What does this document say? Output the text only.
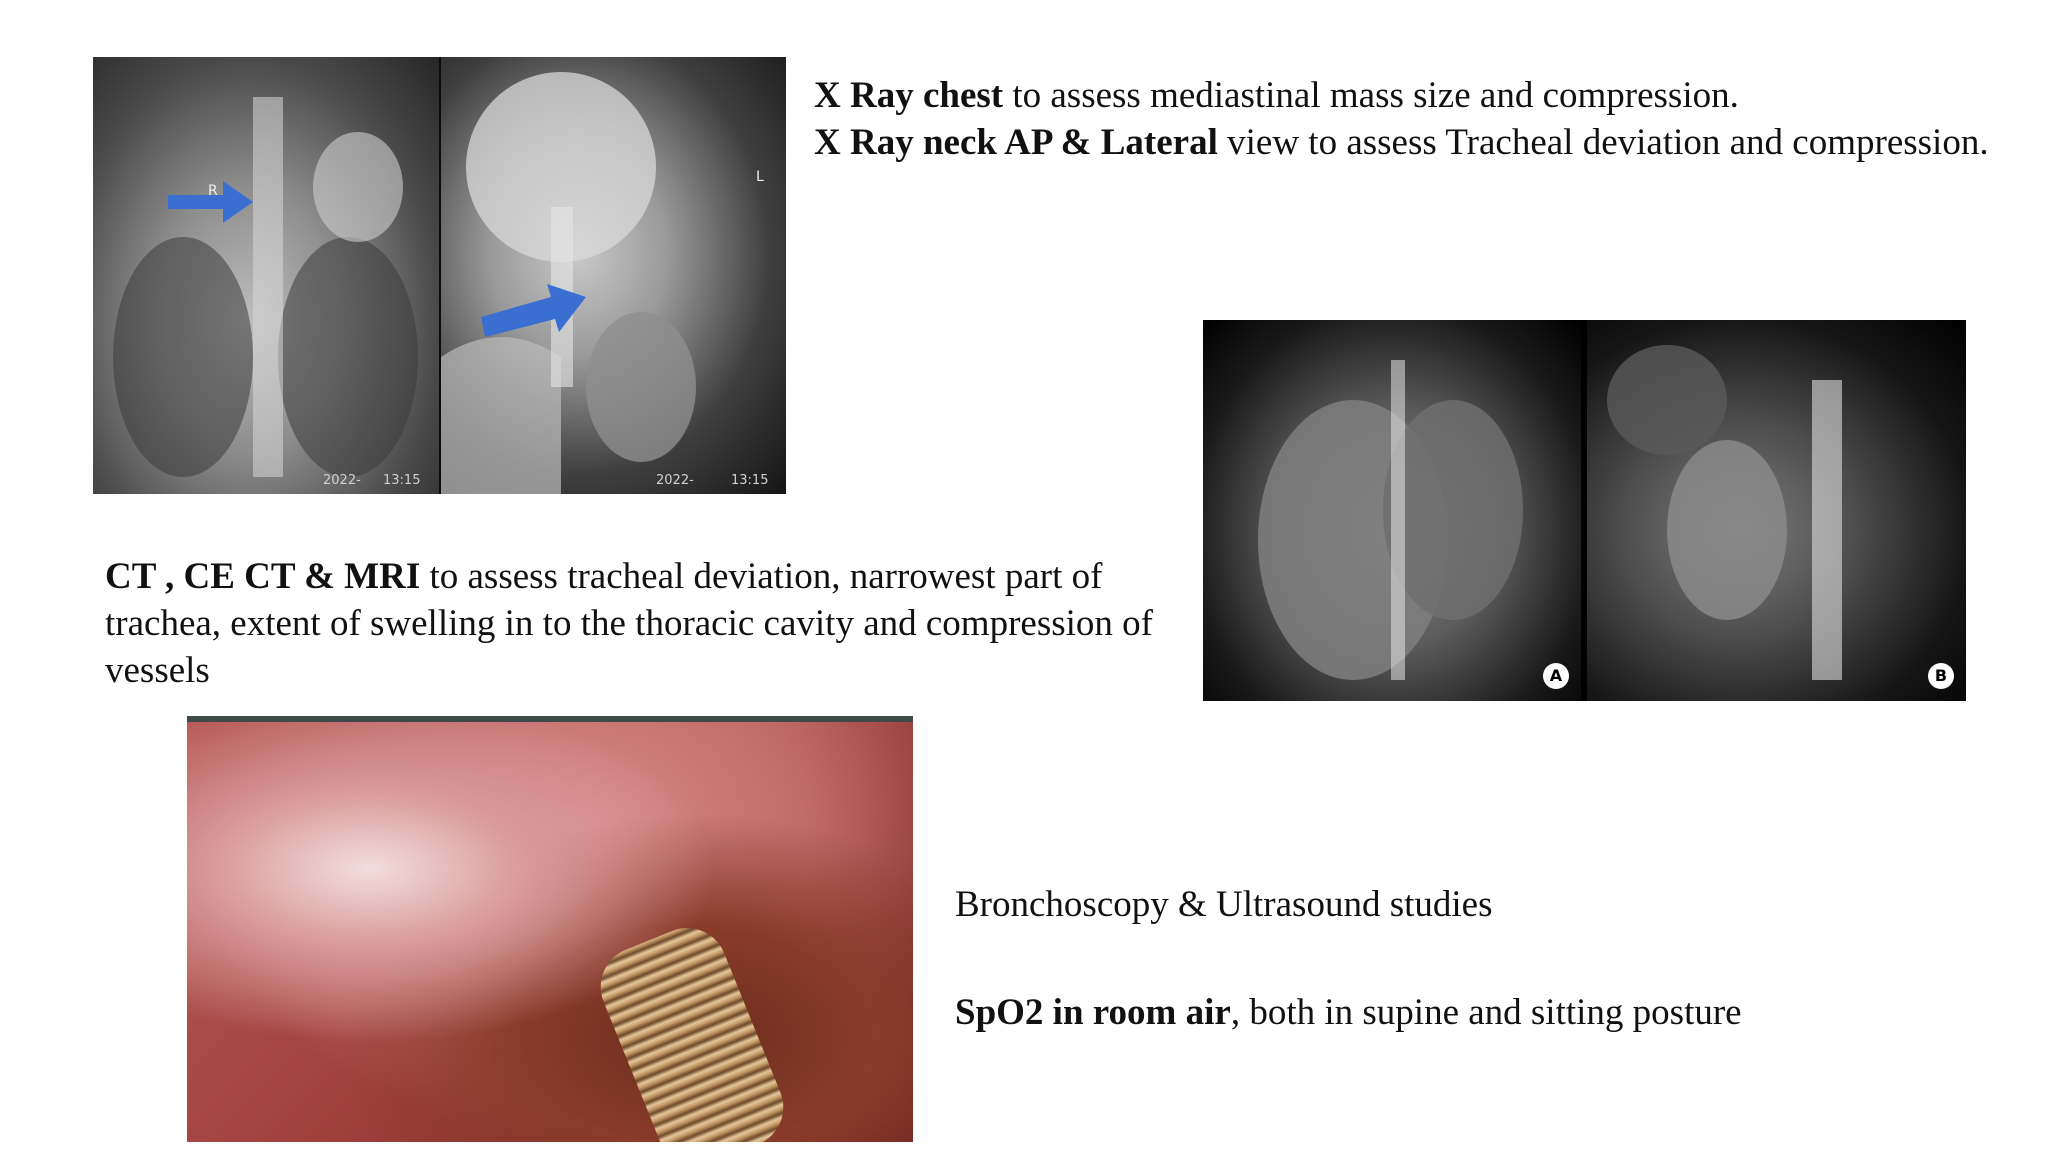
R
2022- 13:15
L
2022-	13:15

X Ray chest to assess mediastinal mass size and compression.
X Ray neck AP & Lateral view to assess Tracheal deviation and compression.

A	B

CT , CE CT & MRI to assess tracheal deviation, narrowest part of trachea, extent of swelling in to the thoracic cavity and compression of vessels

Bronchoscopy & Ultrasound studies

SpO2 in room air, both in supine and sitting posture
